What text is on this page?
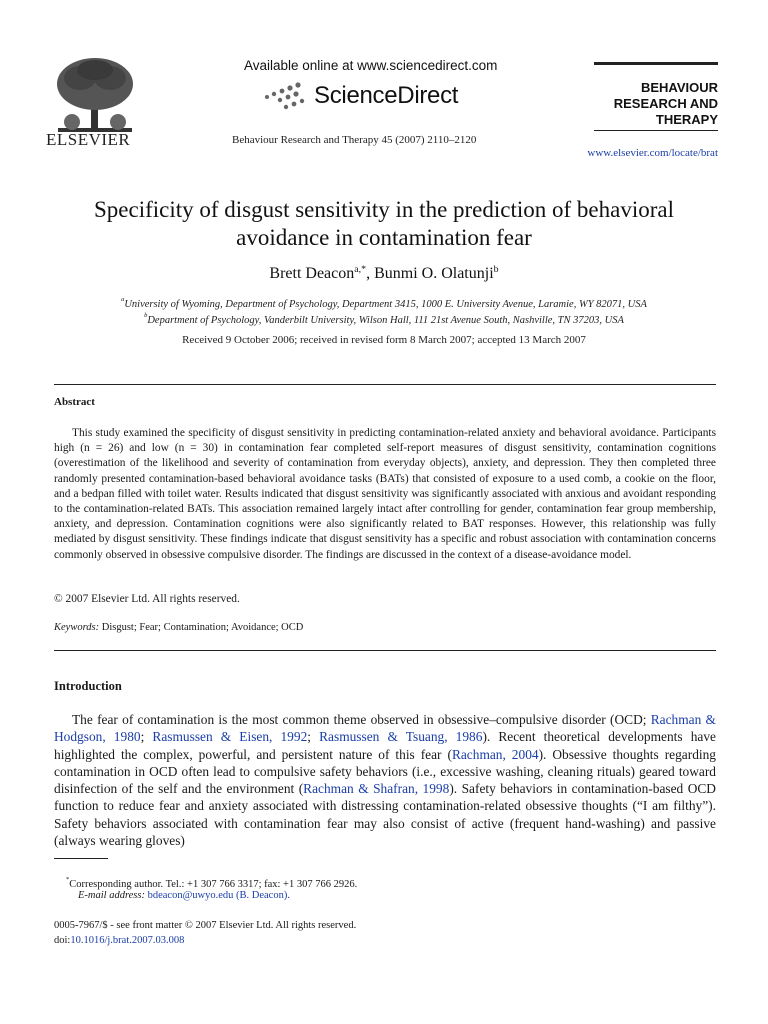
ELSEVIER
Available online at www.sciencedirect.com
ScienceDirect
Behaviour Research and Therapy 45 (2007) 2110–2120
BEHAVIOUR
RESEARCH AND
THERAPY
www.elsevier.com/locate/brat
Specificity of disgust sensitivity in the prediction of behavioral
avoidance in contamination fear
Brett Deacon$^{a,*}$, Bunmi O. Olatunji$^b$
$^a$University of Wyoming, Department of Psychology, Department 3415, 1000 E. University Avenue, Laramie, WY 82071, USA
$^b$Department of Psychology, Vanderbilt University, Wilson Hall, 111 21st Avenue South, Nashville, TN 37203, USA
Received 9 October 2006; received in revised form 8 March 2007; accepted 13 March 2007
Abstract
This study examined the specificity of disgust sensitivity in predicting contamination-related anxiety and behavioral avoidance. Participants high (n = 26) and low (n = 30) in contamination fear completed self-report measures of disgust sensitivity, contamination cognitions (overestimation of the likelihood and severity of contamination from everyday objects), anxiety, and depression. They then completed three randomly presented contamination-based behavioral avoidance tasks (BATs) that consisted of exposure to a used comb, a cookie on the floor, and a bedpan filled with toilet water. Results indicated that disgust sensitivity was significantly associated with anxious and avoidant responding to the contamination-related BATs. This association remained largely intact after controlling for gender, contamination fear group membership, anxiety, and depression. Contamination cognitions were also significantly related to BAT responses. However, this relationship was fully mediated by disgust sensitivity. These findings indicate that disgust sensitivity has a specific and robust association with contamination concerns commonly observed in obsessive compulsive disorder. The findings are discussed in the context of a disease-avoidance model.
© 2007 Elsevier Ltd. All rights reserved.
Keywords: Disgust; Fear; Contamination; Avoidance; OCD
Introduction
The fear of contamination is the most common theme observed in obsessive–compulsive disorder (OCD; Rachman & Hodgson, 1980; Rasmussen & Eisen, 1992; Rasmussen & Tsuang, 1986). Recent theoretical developments have highlighted the complex, powerful, and persistent nature of this fear (Rachman, 2004). Obsessive thoughts regarding contamination in OCD often lead to compulsive safety behaviors (i.e., excessive washing, cleaning rituals) geared toward disinfection of the self and the environment (Rachman & Shafran, 1998). Safety behaviors in contamination-based OCD function to reduce fear and anxiety associated with distressing contamination-related obsessive thoughts (“I am filthy”). Safety behaviors associated with contamination fear may also consist of active (frequent hand-washing) and passive (always wearing gloves)
*Corresponding author. Tel.: +1 307 766 3317; fax: +1 307 766 2926.
E-mail address: bdeacon@uwyo.edu (B. Deacon).
0005-7967/$ - see front matter © 2007 Elsevier Ltd. All rights reserved.
doi:10.1016/j.brat.2007.03.008
